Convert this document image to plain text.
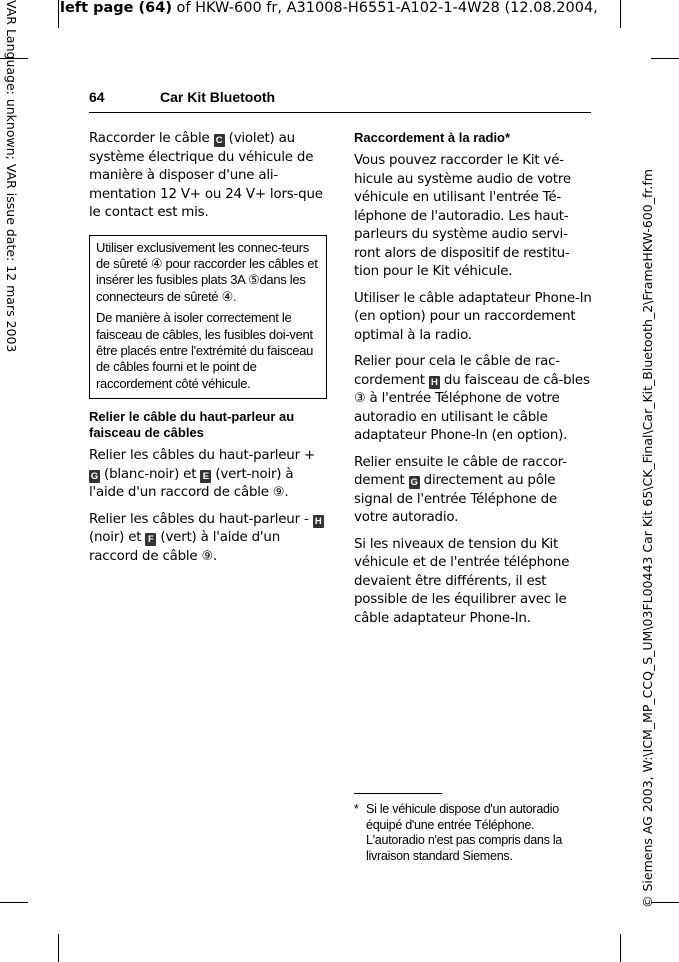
left page (64) of HKW-600 fr, A31008-H6551-A102-1-4W28 (12.08.2004,
VAR Language: unknown; VAR issue date: 12 mars 2003	© Siemens AG 2003, W:\ICM_MP_CCQ_S_UM\03FL00443 Car Kit 65\CK_Final\Car_Kit_Bluetooth_2\FrameHKW-600_fr.fm
64	Car Kit Bluetooth

Raccorder le câble C (violet) au système électrique du véhicule de manière à disposer d'une ali-mentation 12 V+ ou 24 V+ lors-que le contact est mis.

Utiliser exclusivement les connec-teurs de sûreté ④ pour raccorder les câbles et insérer les fusibles plats 3A ⑤dans les connecteurs de sûreté ④.

De manière à isoler correctement le faisceau de câbles, les fusibles doi-vent être placés entre l'extrémité du faisceau de câbles fourni et le point de raccordement côté véhicule.

Relier le câble du haut-parleur au faisceau de câbles

Relier les câbles du haut-parleur + G (blanc-noir) et E (vert-noir) à l'aide d'un raccord de câble ⑨.

Relier les câbles du haut-parleur - H (noir) et F (vert) à l'aide d'un raccord de câble ⑨.

Raccordement à la radio*

Vous pouvez raccorder le Kit vé-hicule au système audio de votre véhicule en utilisant l'entrée Té-léphone de l'autoradio. Les haut-parleurs du système audio servi-ront alors de dispositif de restitu-tion pour le Kit véhicule.

Utiliser le câble adaptateur Phone-In (en option) pour un raccordement optimal à la radio.

Relier pour cela le câble de rac-cordement H du faisceau de câ-bles ③ à l'entrée Téléphone de votre autoradio en utilisant le câble adaptateur Phone-In (en option).

Relier ensuite le câble de raccor-dement G directement au pôle signal de l'entrée Téléphone de votre autoradio.

Si les niveaux de tension du Kit véhicule et de l'entrée téléphone devaient être différents, il est possible de les équilibrer avec le câble adaptateur Phone-In.

* Si le véhicule dispose d'un autoradio équipé d'une entrée Téléphone. L'autoradio n'est pas compris dans la livraison standard Siemens.
